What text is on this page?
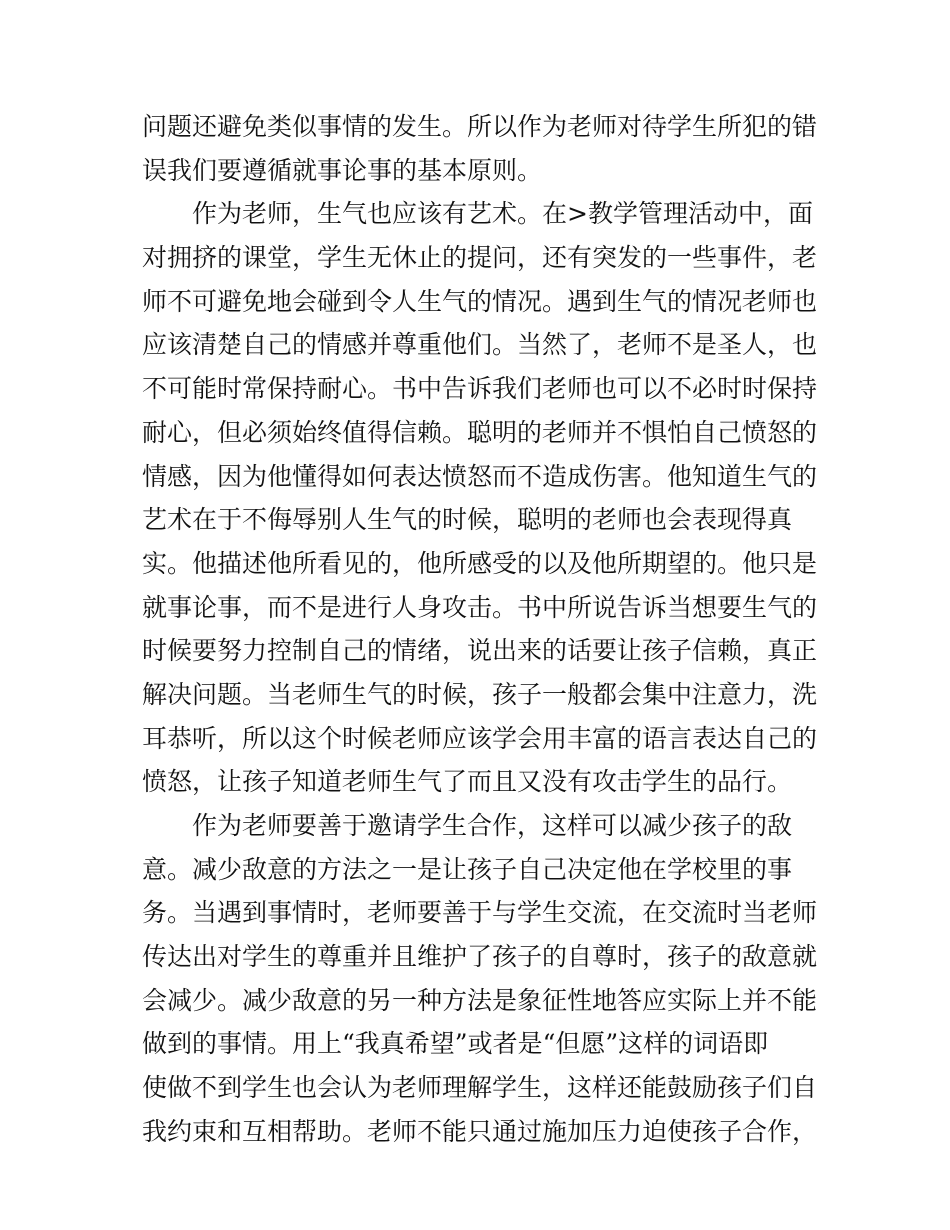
问题还避免类似事情的发生。所以作为老师对待学生所犯的错
误我们要遵循就事论事的基本原则。
作为老师，生气也应该有艺术。在>教学管理活动中，面
对拥挤的课堂，学生无休止的提问，还有突发的一些事件，老
师不可避免地会碰到令人生气的情况。遇到生气的情况老师也
应该清楚自己的情感并尊重他们。当然了，老师不是圣人，也
不可能时常保持耐心。书中告诉我们老师也可以不必时时保持
耐心，但必须始终值得信赖。聪明的老师并不惧怕自己愤怒的
情感，因为他懂得如何表达愤怒而不造成伤害。他知道生气的
艺术在于不侮辱别人生气的时候，聪明的老师也会表现得真
实。他描述他所看见的，他所感受的以及他所期望的。他只是
就事论事，而不是进行人身攻击。书中所说告诉当想要生气的
时候要努力控制自己的情绪，说出来的话要让孩子信赖，真正
解决问题。当老师生气的时候，孩子一般都会集中注意力，洗
耳恭听，所以这个时候老师应该学会用丰富的语言表达自己的
愤怒，让孩子知道老师生气了而且又没有攻击学生的品行。
作为老师要善于邀请学生合作，这样可以减少孩子的敌
意。减少敌意的方法之一是让孩子自己决定他在学校里的事
务。当遇到事情时，老师要善于与学生交流，在交流时当老师
传达出对学生的尊重并且维护了孩子的自尊时，孩子的敌意就
会减少。减少敌意的另一种方法是象征性地答应实际上并不能
做到的事情。用上“我真希望”或者是“但愿”这样的词语即
使做不到学生也会认为老师理解学生，这样还能鼓励孩子们自
我约束和互相帮助。老师不能只通过施加压力迫使孩子合作，
